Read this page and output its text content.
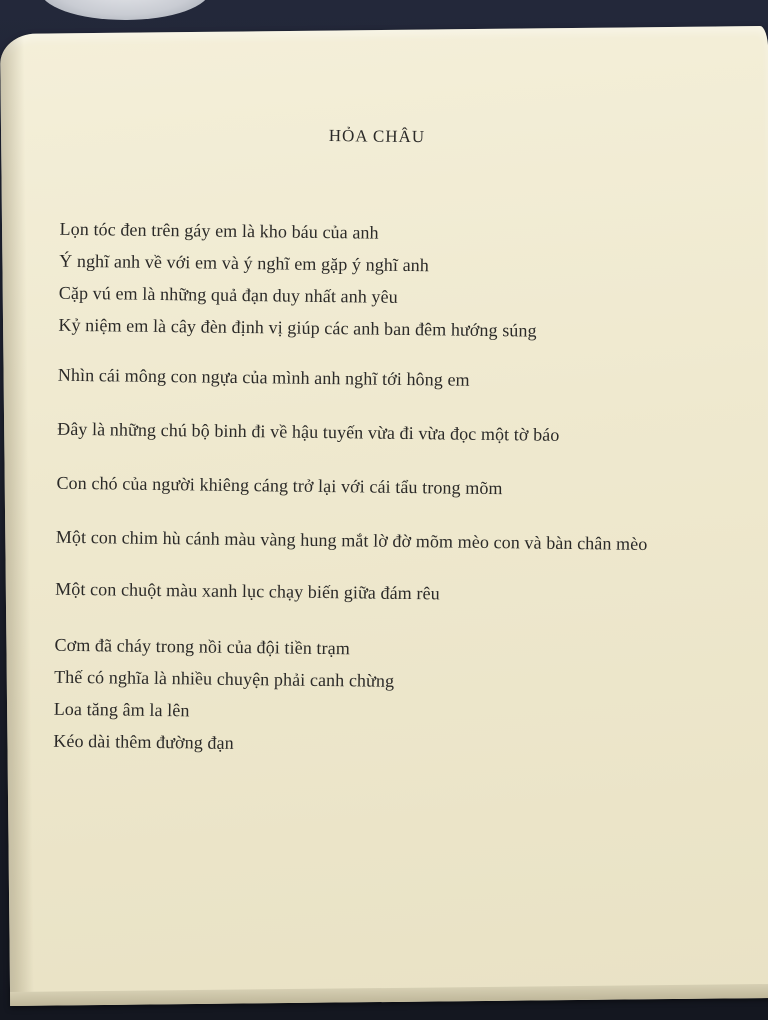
HỎA CHÂU

Lọn tóc đen trên gáy em là kho báu của anh

Ý nghĩ anh về với em và ý nghĩ em gặp ý nghĩ anh

Cặp vú em là những quả đạn duy nhất anh yêu

Kỷ niệm em là cây đèn định vị giúp các anh ban đêm hướng súng

Nhìn cái mông con ngựa của mình anh nghĩ tới hông em

Đây là những chú bộ binh đi về hậu tuyến vừa đi vừa đọc một tờ báo

Con chó của người khiêng cáng trở lại với cái tẩu trong mõm

Một con chim hù cánh màu vàng hung mắt lờ đờ mõm mèo con và bàn chân mèo

Một con chuột màu xanh lục chạy biến giữa đám rêu

Cơm đã cháy trong nồi của đội tiền trạm

Thế có nghĩa là nhiều chuyện phải canh chừng

Loa tăng âm la lên

Kéo dài thêm đường đạn
